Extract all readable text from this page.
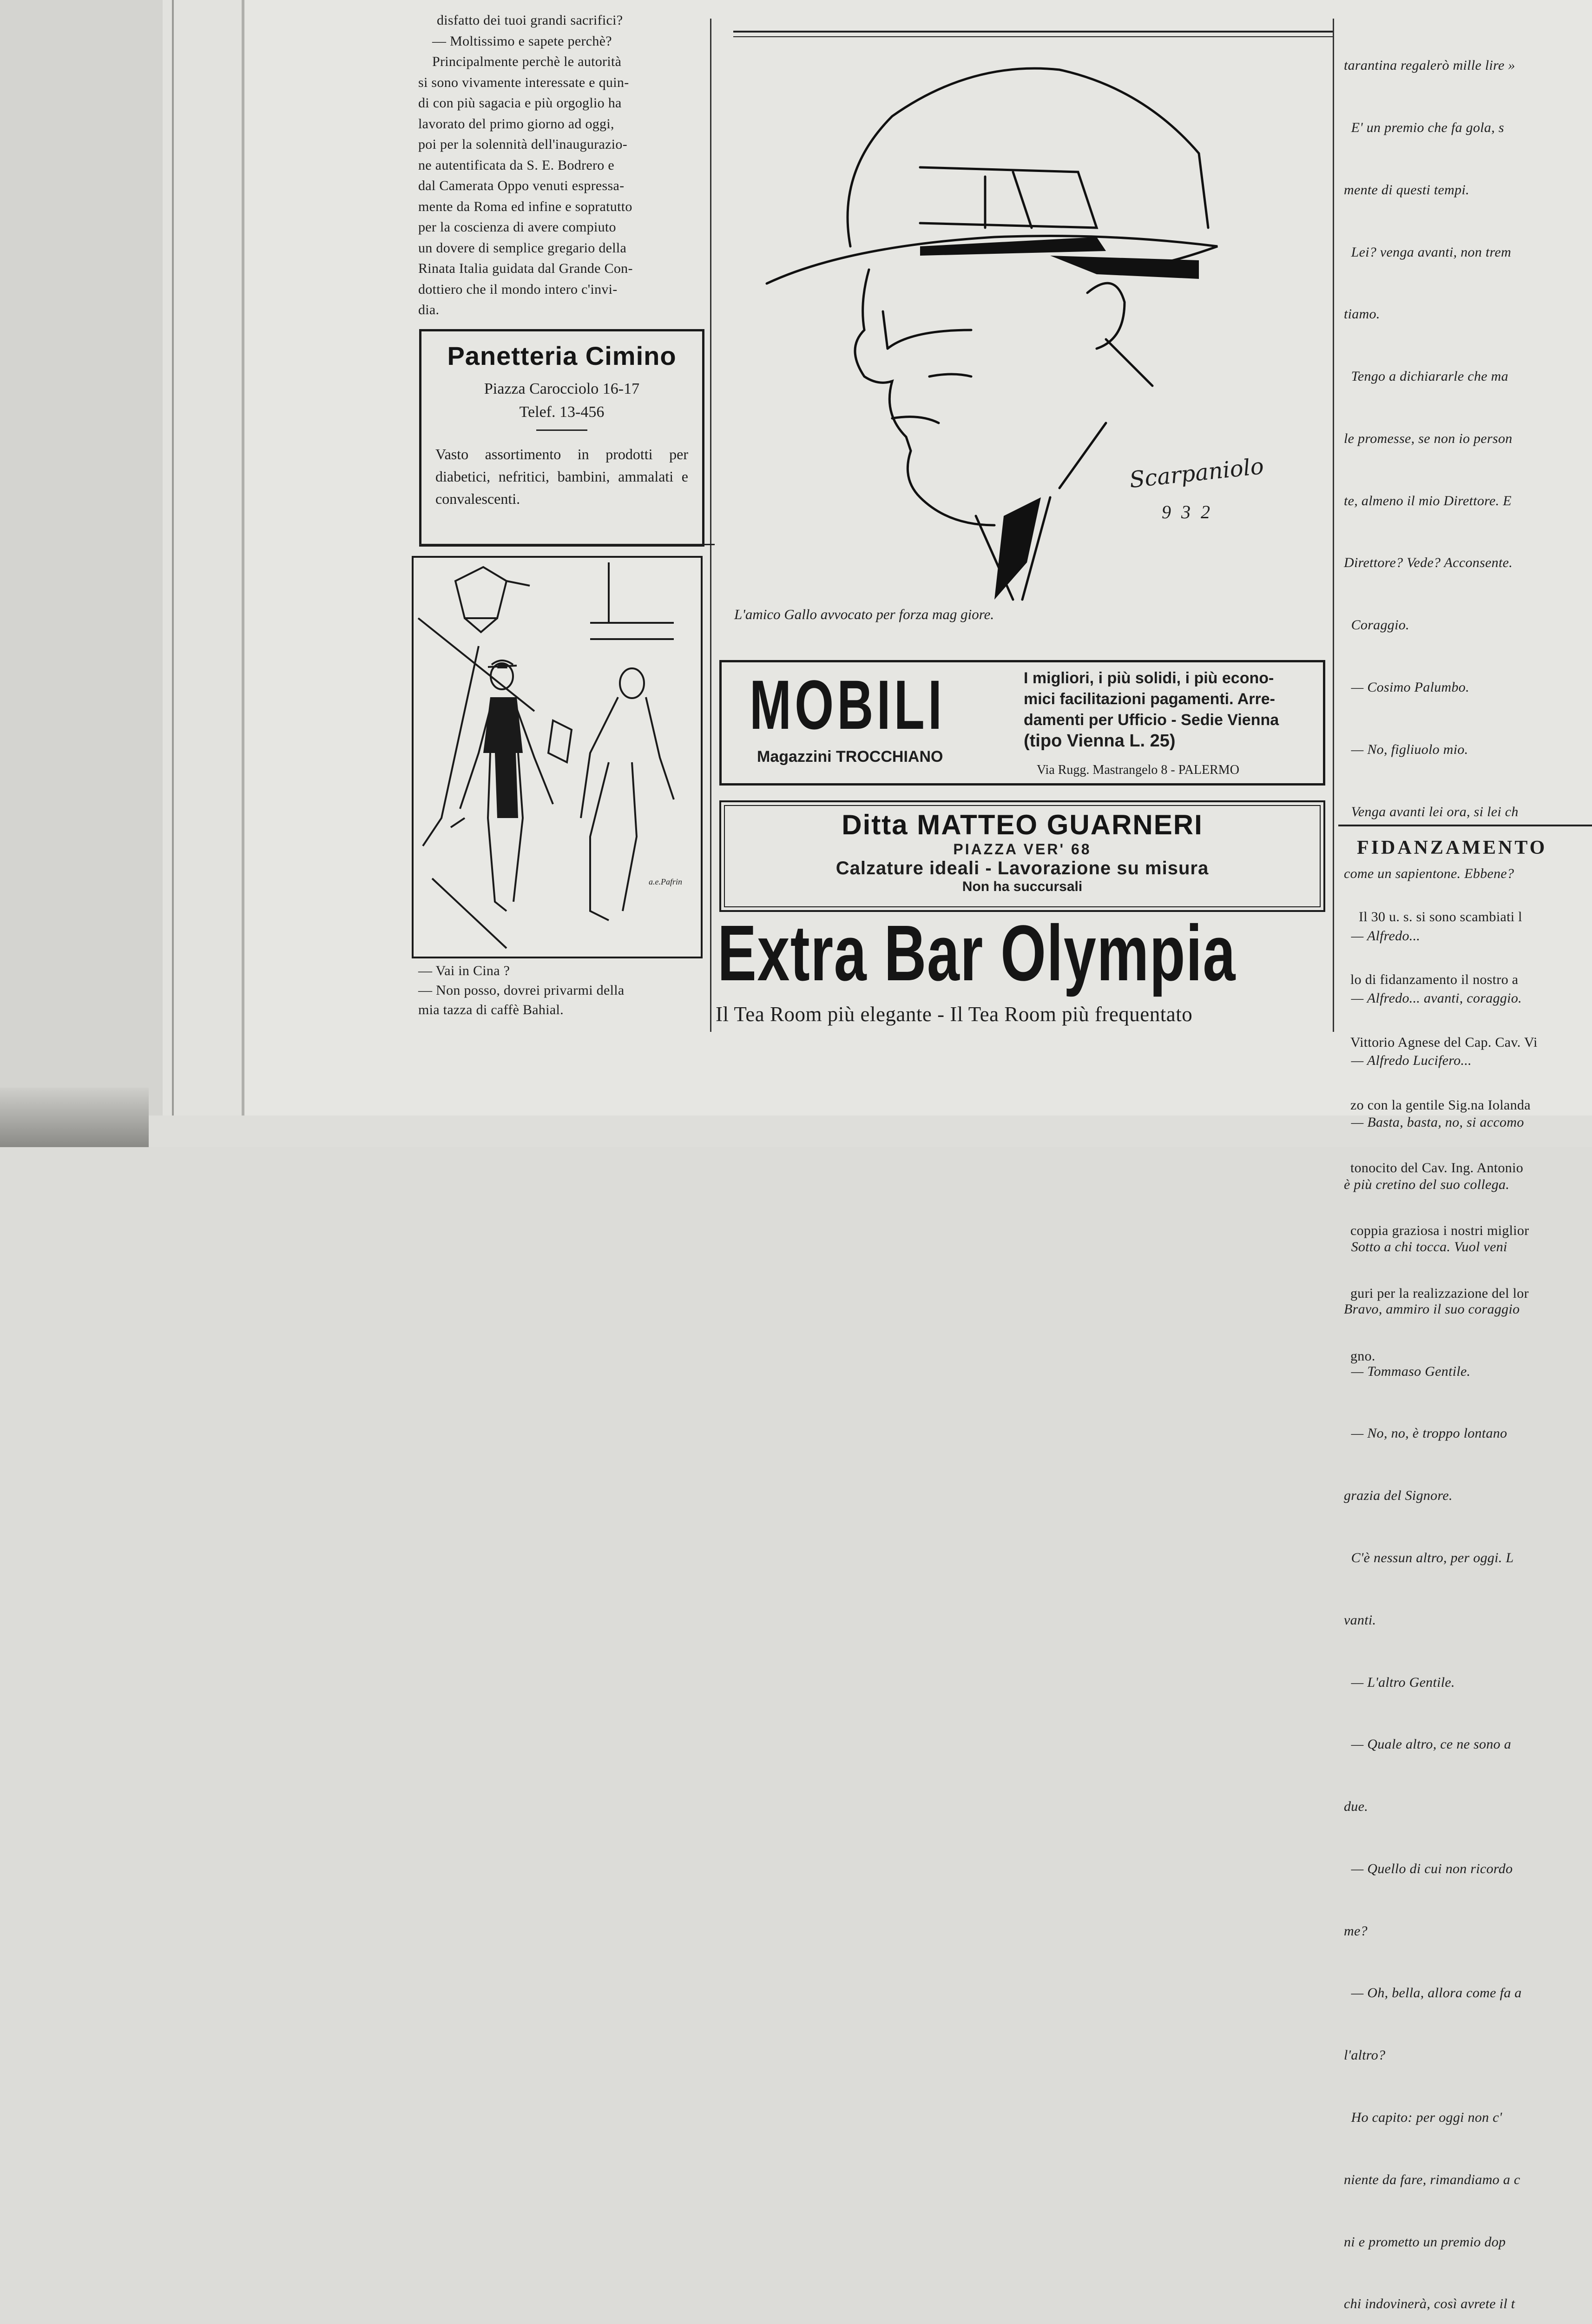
disfatto dei tuoi grandi sacrifici?

— Moltissimo e sapete perchè?

Principalmente perchè le autorità

si sono vivamente interessate e quin-

di con più sagacia e più orgoglio ha

lavorato del primo giorno ad oggi,

poi per la solennità dell'inaugurazio-

ne autentificata da S. E. Bodrero e

dal Camerata Oppo venuti espressa-

mente da Roma ed infine e sopratutto

per la coscienza di avere compiuto

un dovere di semplice gregario della

Rinata Italia guidata dal Grande Con-

dottiero che il mondo intero c'invi-

dia.

Panetteria Cimino
Piazza Carocciolo 16-17
Telef. 13-456
Vasto assortimento in prodotti per diabetici, nefritici, bambini, ammalati e convalescenti.
a.e.Pafrin

— Vai in Cina ?

— Non posso, dovrei privarmi della

mia tazza di caffè Bahial.

Scarpaniolo
932
L'amico Gallo avvocato per forza mag giore.
MOBILI
Magazzini TROCCHIANO
I migliori, i più solidi, i più econo-
mici facilitazioni pagamenti. Arre-
damenti per Ufficio - Sedie Vienna
(tipo Vienna L. 25)
Via Rugg. Mastrangelo 8 - PALERMO
Ditta MATTEO GUARNERI
PIAZZA VER' 68
Calzature ideali - Lavorazione su misura
Non ha succursali
Extra Bar Olympia
Il Tea Room più elegante - Il Tea Room più frequentato

tarantina regalerò mille lire »

E' un premio che fa gola, s

mente di questi tempi.

Lei? venga avanti, non trem

tiamo.

Tengo a dichiararle che ma

le promesse, se non io person

te, almeno il mio Direttore. E

Direttore? Vede? Acconsente.

Coraggio.

— Cosimo Palumbo.

— No, figliuolo mio.

Venga avanti lei ora, si lei ch

come un sapientone. Ebbene?

— Alfredo...

— Alfredo... avanti, coraggio.

— Alfredo Lucifero...

— Basta, basta, no, si accomo

è più cretino del suo collega.

Sotto a chi tocca. Vuol veni

Bravo, ammiro il suo coraggio

— Tommaso Gentile.

— No, no, è troppo lontano

grazia del Signore.

C'è nessun altro, per oggi. L

vanti.

— L'altro Gentile.

— Quale altro, ce ne sono a

due.

— Quello di cui non ricordo

me?

— Oh, bella, allora come fa a

l'altro?

Ho capito: per oggi non c'

niente da fare, rimandiamo a c

ni e prometto un premio dop

chi indovinerà, così avrete il t

FIDANZAMENTO

Il 30 u. s. si sono scambiati l

lo di fidanzamento il nostro a

Vittorio Agnese del Cap. Cav. Vi

zo con la gentile Sig.na Iolanda

tonocito del Cav. Ing. Antonio

coppia graziosa i nostri miglior

guri per la realizzazione del lor

gno.
